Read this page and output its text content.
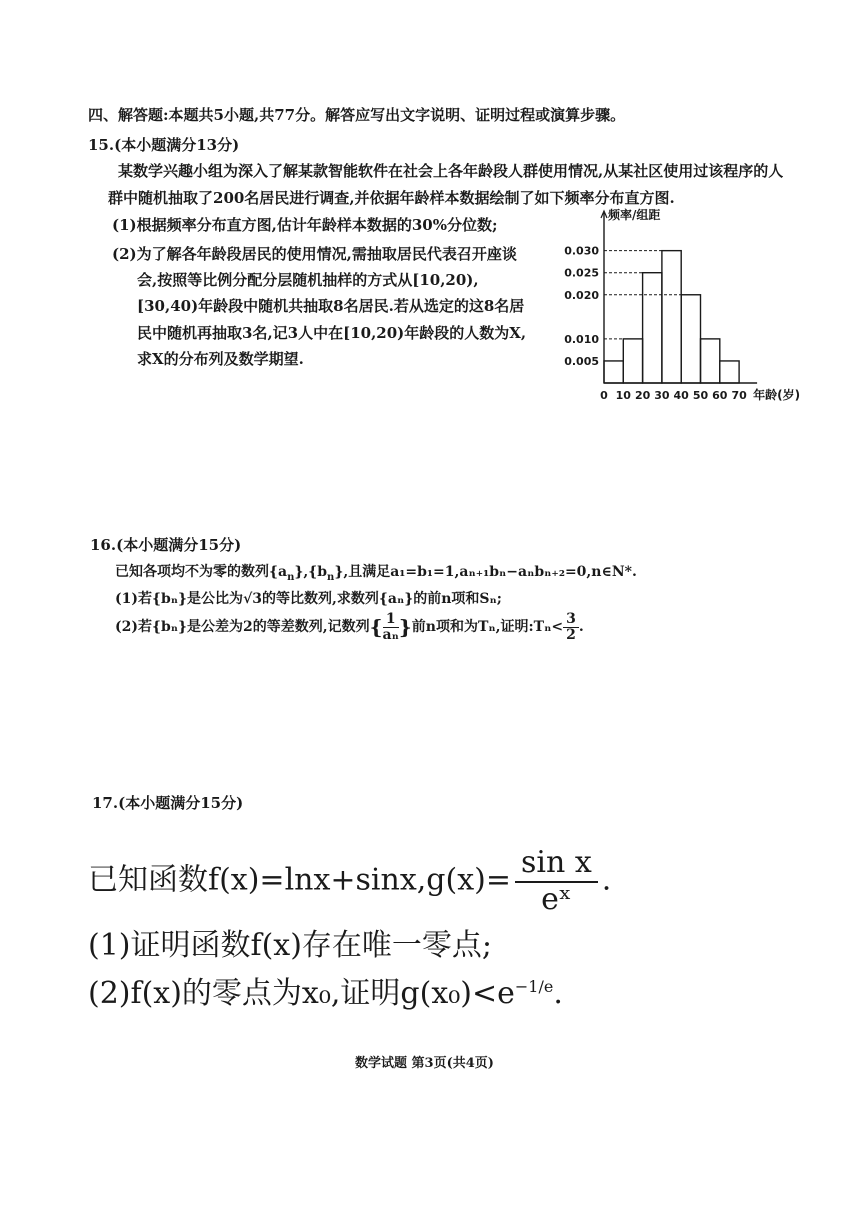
四、解答题:本题共5小题,共77分。解答应写出文字说明、证明过程或演算步骤。
15.(本小题满分13分)
某数学兴趣小组为深入了解某款智能软件在社会上各年龄段人群使用情况,从某社区使用过该程序的人
群中随机抽取了200名居民进行调查,并依据年龄样本数据绘制了如下频率分布直方图.
(1)根据频率分布直方图,估计年龄样本数据的30%分位数;
(2)为了解各年龄段居民的使用情况,需抽取居民代表召开座谈
会,按照等比例分配分层随机抽样的方式从[10,20),
[30,40)年龄段中随机共抽取8名居民.若从选定的这8名居
民中随机再抽取3名,记3人中在[10,20)年龄段的人数为X,
求X的分布列及数学期望.
0.030
0.025
0.020
0.010
0.005
0 10 20 30 40 50 60 70
频率/组距
年龄(岁)
16.(本小题满分15分)
已知各项均不为零的数列$\{a_n\},\{b_n\}$,且满足a₁=b₁=1,aₙ₊₁bₙ−aₙbₙ₊₂=0,n∈N*.
(1)若{bₙ}是公比为√3的等比数列,求数列{aₙ}的前n项和Sₙ;
(2)若{bₙ}是公差为2的等差数列,记数列{ $\frac{1}{\text{aₙ}}$ }前n项和为Tₙ,证明:Tₙ< $\frac{3}{2}$ .
17.(本小题满分15分)
已知函数$f(x)=\ln x+\sin x,g(x)= \frac{\text{sin x}}{\text{eˣ}}$ .
(1)证明函数f(x)存在唯一零点;
(2)f(x)的零点为x₀,证明$g(x_0)<e^{-1/e}$.
数学试题 第3页(共4页)
